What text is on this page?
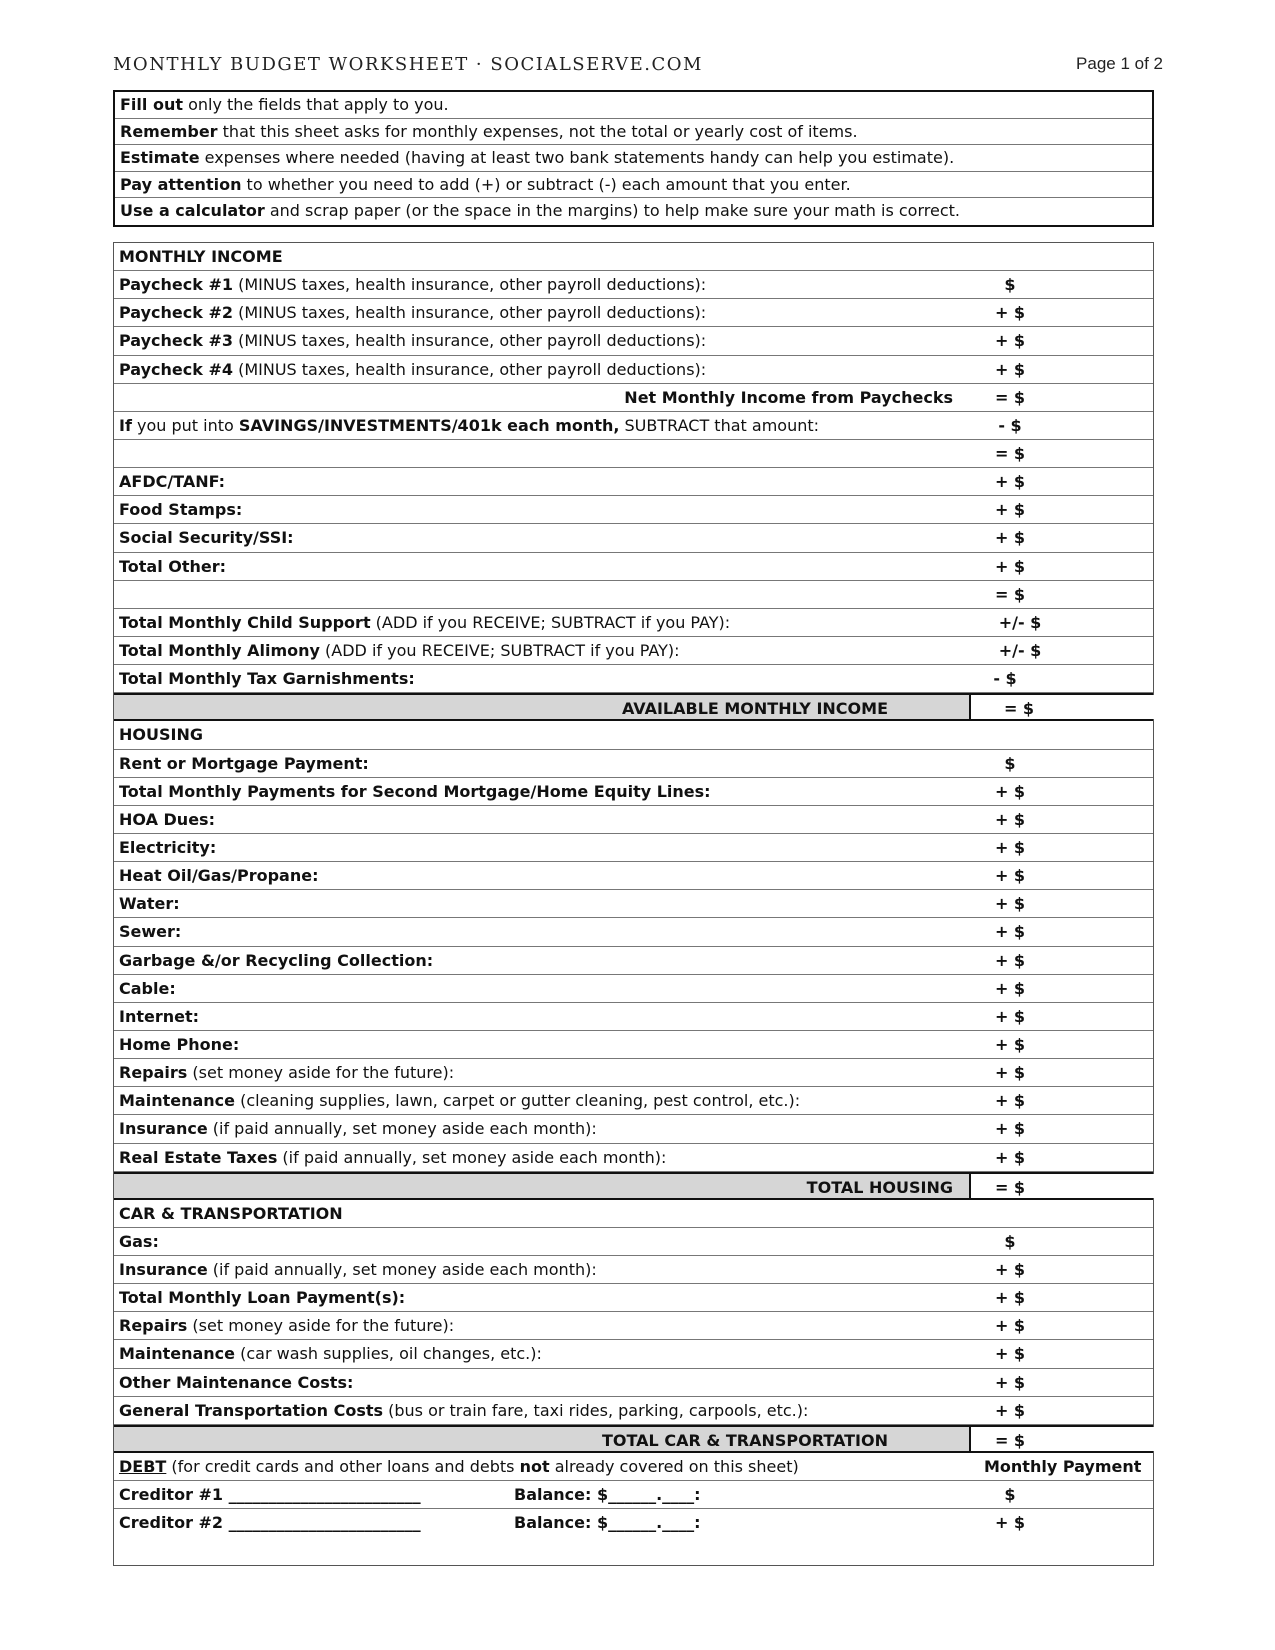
MONTHLY BUDGET WORKSHEET · SOCIALSERVE.COM	Page 1 of 2
Fill out only the fields that apply to you.
Remember that this sheet asks for monthly expenses, not the total or yearly cost of items.
Estimate expenses where needed (having at least two bank statements handy can help you estimate).
Pay attention to whether you need to add (+) or subtract (-) each amount that you enter.
Use a calculator and scrap paper (or the space in the margins) to help make sure your math is correct.
MONTHLY INCOME
Paycheck #1 (MINUS taxes, health insurance, other payroll deductions):	$
Paycheck #2 (MINUS taxes, health insurance, other payroll deductions):	+ $
Paycheck #3 (MINUS taxes, health insurance, other payroll deductions):	+ $
Paycheck #4 (MINUS taxes, health insurance, other payroll deductions):	+ $
Net Monthly Income from Paychecks	= $
If you put into SAVINGS/INVESTMENTS/401k each month, SUBTRACT that amount:	- $
= $
AFDC/TANF:	+ $
Food Stamps:	+ $
Social Security/SSI:	+ $
Total Other:	+ $
= $
Total Monthly Child Support (ADD if you RECEIVE; SUBTRACT if you PAY):	+/- $
Total Monthly Alimony (ADD if you RECEIVE; SUBTRACT if you PAY):	+/- $
Total Monthly Tax Garnishments:	- $
AVAILABLE MONTHLY INCOME	= $
HOUSING
Rent or Mortgage Payment:	$
Total Monthly Payments for Second Mortgage/Home Equity Lines:	+ $
HOA Dues:	+ $
Electricity:	+ $
Heat Oil/Gas/Propane:	+ $
Water:	+ $
Sewer:	+ $
Garbage &/or Recycling Collection:	+ $
Cable:	+ $
Internet:	+ $
Home Phone:	+ $
Repairs (set money aside for the future):	+ $
Maintenance (cleaning supplies, lawn, carpet or gutter cleaning, pest control, etc.):	+ $
Insurance (if paid annually, set money aside each month):	+ $
Real Estate Taxes (if paid annually, set money aside each month):	+ $
TOTAL HOUSING	= $
CAR & TRANSPORTATION
Gas:	$
Insurance (if paid annually, set money aside each month):	+ $
Total Monthly Loan Payment(s):	+ $
Repairs (set money aside for the future):	+ $
Maintenance (car wash supplies, oil changes, etc.):	+ $
Other Maintenance Costs:	+ $
General Transportation Costs (bus or train fare, taxi rides, parking, carpools, etc.):	+ $
TOTAL CAR & TRANSPORTATION	= $
DEBT (for credit cards and other loans and debts not already covered on this sheet)	Monthly Payment
Creditor #1 ________________________	Balance: $______.____:	$
Creditor #2 ________________________	Balance: $______.____:	+ $
